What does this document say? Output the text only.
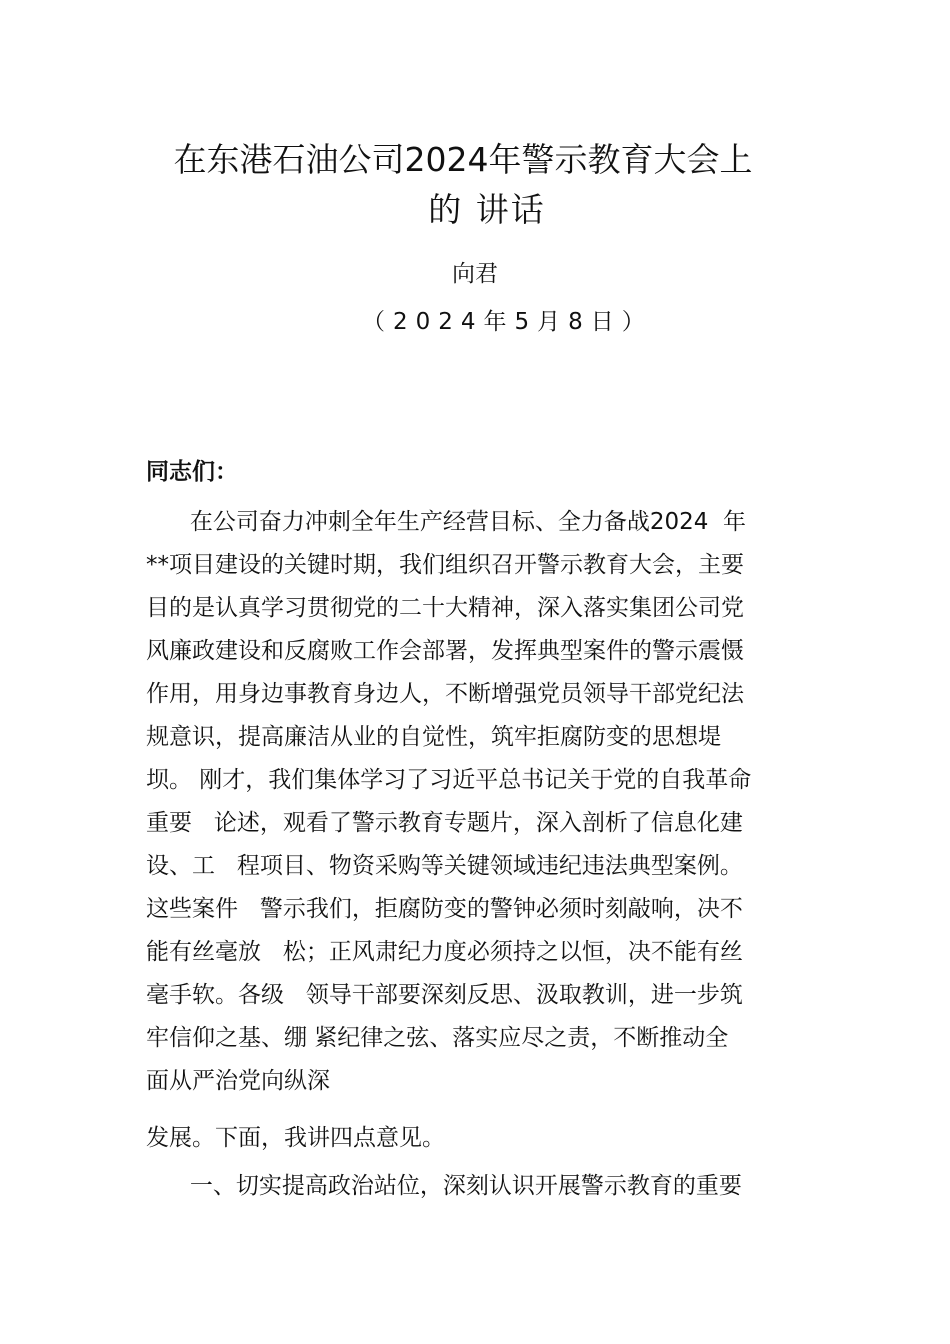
在东港石油公司2024年警示教育大会上
的 讲话
向君
（2024年5月8日）
同志们：
在公司奋力冲刺全年生产经营目标、全力备战2024  年
**项目建设的关键时期，我们组织召开警示教育大会，主要
目的是认真学习贯彻党的二十大精神，深入落实集团公司党
风廉政建设和反腐败工作会部署，发挥典型案件的警示震慑
作用，用身边事教育身边人，不断增强党员领导干部党纪法
规意识，提高廉洁从业的自觉性，筑牢拒腐防变的思想堤
坝。 刚才，我们集体学习了习近平总书记关于党的自我革命
重要   论述，观看了警示教育专题片，深入剖析了信息化建
设、工   程项目、物资采购等关键领域违纪违法典型案例。
这些案件   警示我们，拒腐防变的警钟必须时刻敲响，决不
能有丝毫放   松；正风肃纪力度必须持之以恒，决不能有丝
毫手软。各级   领导干部要深刻反思、汲取教训，进一步筑
牢信仰之基、绷 紧纪律之弦、落实应尽之责，不断推动全
面从严治党向纵深
发展。下面，我讲四点意见。
一、切实提高政治站位，深刻认识开展警示教育的重要
